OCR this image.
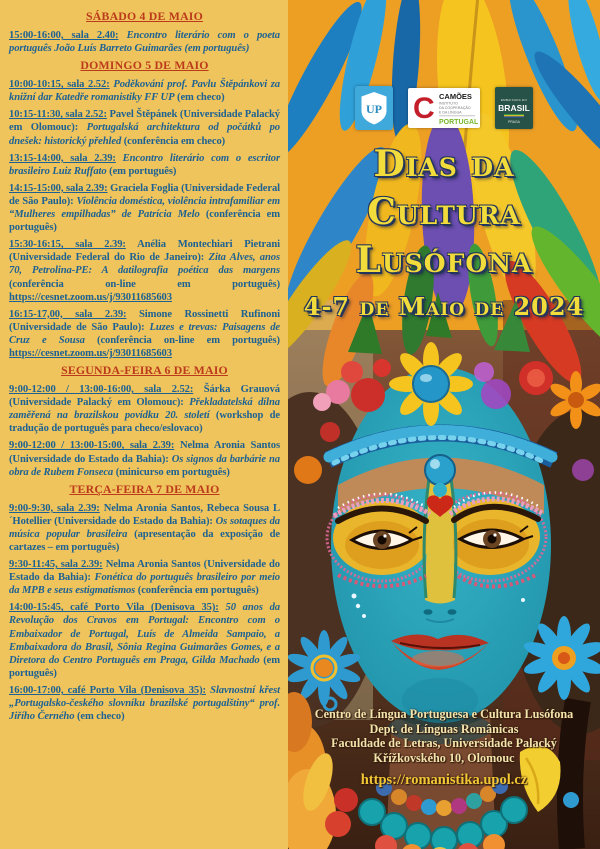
SÁBADO 4 DE MAIO

15:00-16:00, sala 2.40: Encontro literário com o poeta português João Luís Barreto Guimarães (em português)

DOMINGO 5 DE MAIO

10:00-10:15, sala 2.52: Poděkování prof. Pavlu Štěpánkovi za knižní dar Katedře romanistiky FF UP (em checo)

10:15-11:30, sala 2.52: Pavel Štěpánek (Universidade Palacký em Olomouc): Portugalská architektura od počátků po dnešek: historický přehled (conferência em checo)

13:15-14:00, sala 2.39: Encontro literário com o escritor brasileiro Luiz Ruffato (em português)

14:15-15:00, sala 2.39: Graciela Foglia (Universidade Federal de São Paulo): Violência doméstica, violência intrafamiliar em “Mulheres empilhadas” de Patrícia Melo (conferência em português)

15:30-16:15, sala 2.39: Anélia Montechiari Pietrani (Universidade Federal do Rio de Janeiro): Zita Alves, anos 70, Petrolina-PE: A datilografia poética das margens (conferência on-line em português) https://cesnet.zoom.us/j/93011685603

16:15-17,00, sala 2.39: Simone Rossinetti Rufinoni (Universidade de São Paulo): Luzes e trevas: Paisagens de Cruz e Sousa (conferência on-line em português) https://cesnet.zoom.us/j/93011685603

SEGUNDA-FEIRA 6 DE MAIO

9:00-12:00 / 13:00-16:00, sala 2.52: Šárka Grauová (Universidade Palacký em Olomouc): Překladatelská dílna zaměřená na brazilskou povídku 20. století (workshop de tradução de português para checo/eslovaco)

9:00-12:00 / 13:00-15:00, sala 2.39: Nelma Aronia Santos (Universidade do Estado da Bahia): Os signos da barbárie na obra de Rubem Fonseca (minicurso em português)

TERÇA-FEIRA 7 DE MAIO

9:00-9:30, sala 2.39: Nelma Aronia Santos, Rebeca Sousa L´Hotellier (Universidade do Estado da Bahia): Os sotaques da música popular brasileira (apresentação da exposição de cartazes – em português)

9:30-11:45, sala 2.39: Nelma Aronia Santos (Universidade do Estado da Bahia): Fonética do português brasileiro por meio da MPB e seus estigmatismos (conferência em português)

14:00-15:45, café Porto Vila (Denisova 35): 50 anos da Revolução dos Cravos em Portugal: Encontro com o Embaixador de Portugal, Luís de Almeida Sampaio, a Embaixadora do Brasil, Sônia Regina Guimarães Gomes, e a Diretora do Centro Português em Praga, Gilda Machado (em português)

16:00-17:00, café Porto Vila (Denisova 35): Slavnostní křest „Portugalsko-českého slovníku brazilské portugalštiny“ prof. Jiřího Černého (em checo)

UP C CAMÕES
INSTITUTO
DA COOPERAÇÃO
E DA LÍNGUA
PORTUGAL
EMBAIXADA DO
BRASIL
PRAGA
Dias da
Cultura
Lusófona
4-7 de Maio de 2024
Centro de Língua Portuguesa e Cultura Lusófona
Dept. de Línguas Românicas
Faculdade de Letras, Universidade Palacký
Křížkovského 10, Olomouc
https://romanistika.upol.cz
